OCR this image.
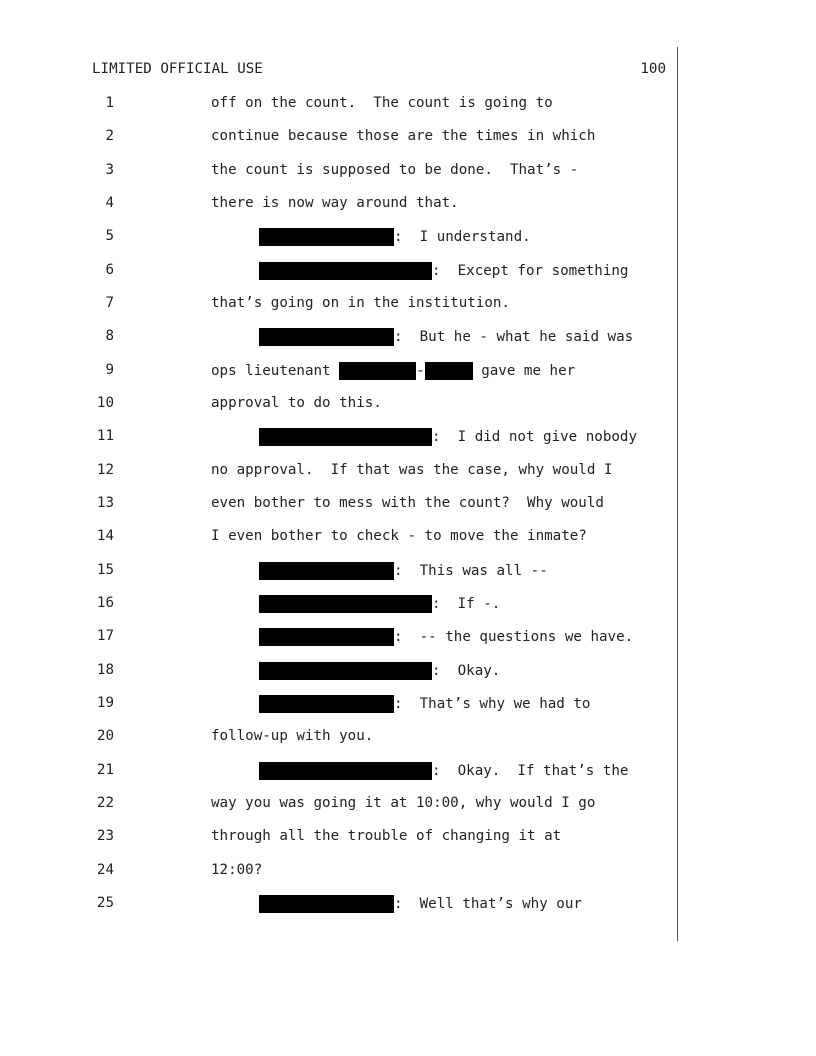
LIMITED OFFICIAL USE	100
1	off on the count.  The count is going to
2	continue because those are the times in which
3	the count is supposed to be done.  That’s -
4	there is now way around that.
5	:  I understand.
6	:  Except for something
7	that’s going on in the institution.
8	:  But he - what he said was
9	ops lieutenant	-	gave me her
10	approval to do this.
11	:  I did not give nobody
12	no approval.  If that was the case, why would I
13	even bother to mess with the count?  Why would
14	I even bother to check - to move the inmate?
15	:  This was all --
16	:  If -.
17	:  -- the questions we have.
18	:  Okay.
19	:  That’s why we had to
20	follow-up with you.
21	:  Okay.  If that’s the
22	way you was going it at 10:00, why would I go
23	through all the trouble of changing it at
24	12:00?
25	:  Well that’s why our
